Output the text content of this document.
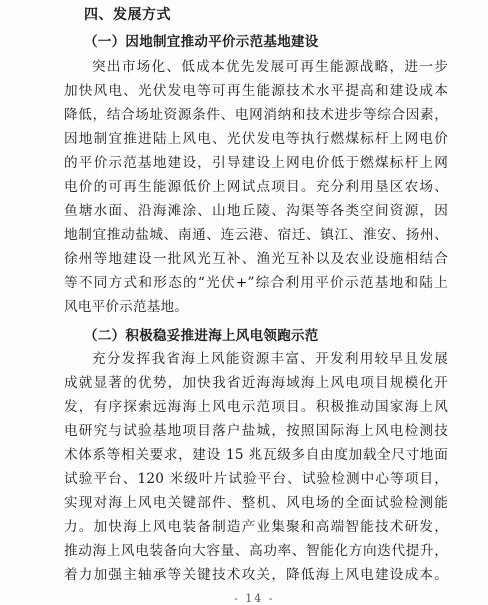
四、发展方式
（一）因地制宜推动平价示范基地建设
突出市场化、低成本优先发展可再生能源战略，进一步
加快风电、光伏发电等可再生能源技术水平提高和建设成本
降低，结合场址资源条件、电网消纳和技术进步等综合因素，
因地制宜推进陆上风电、光伏发电等执行燃煤标杆上网电价
的平价示范基地建设，引导建设上网电价低于燃煤标杆上网
电价的可再生能源低价上网试点项目。充分利用垦区农场、
鱼塘水面、沿海滩涂、山地丘陵、沟渠等各类空间资源，因
地制宜推动盐城、南通、连云港、宿迁、镇江、淮安、扬州、
徐州等地建设一批风光互补、渔光互补以及农业设施相结合
等不同方式和形态的“光伏+”综合利用平价示范基地和陆上
风电平价示范基地。
（二）积极稳妥推进海上风电领跑示范
充分发挥我省海上风能资源丰富、开发利用较早且发展
成就显著的优势，加快我省近海海域海上风电项目规模化开
发，有序探索远海海上风电示范项目。积极推动国家海上风
电研究与试验基地项目落户盐城，按照国际海上风电检测技
术体系等相关要求，建设 15 兆瓦级多自由度加载全尺寸地面
试验平台、120 米级叶片试验平台、试验检测中心等项目，
实现对海上风电关键部件、整机、风电场的全面试验检测能
力。加快海上风电装备制造产业集聚和高端智能技术研发，
推动海上风电装备向大容量、高功率、智能化方向迭代提升，
着力加强主轴承等关键技术攻关，降低海上风电建设成本。
- 14 -
